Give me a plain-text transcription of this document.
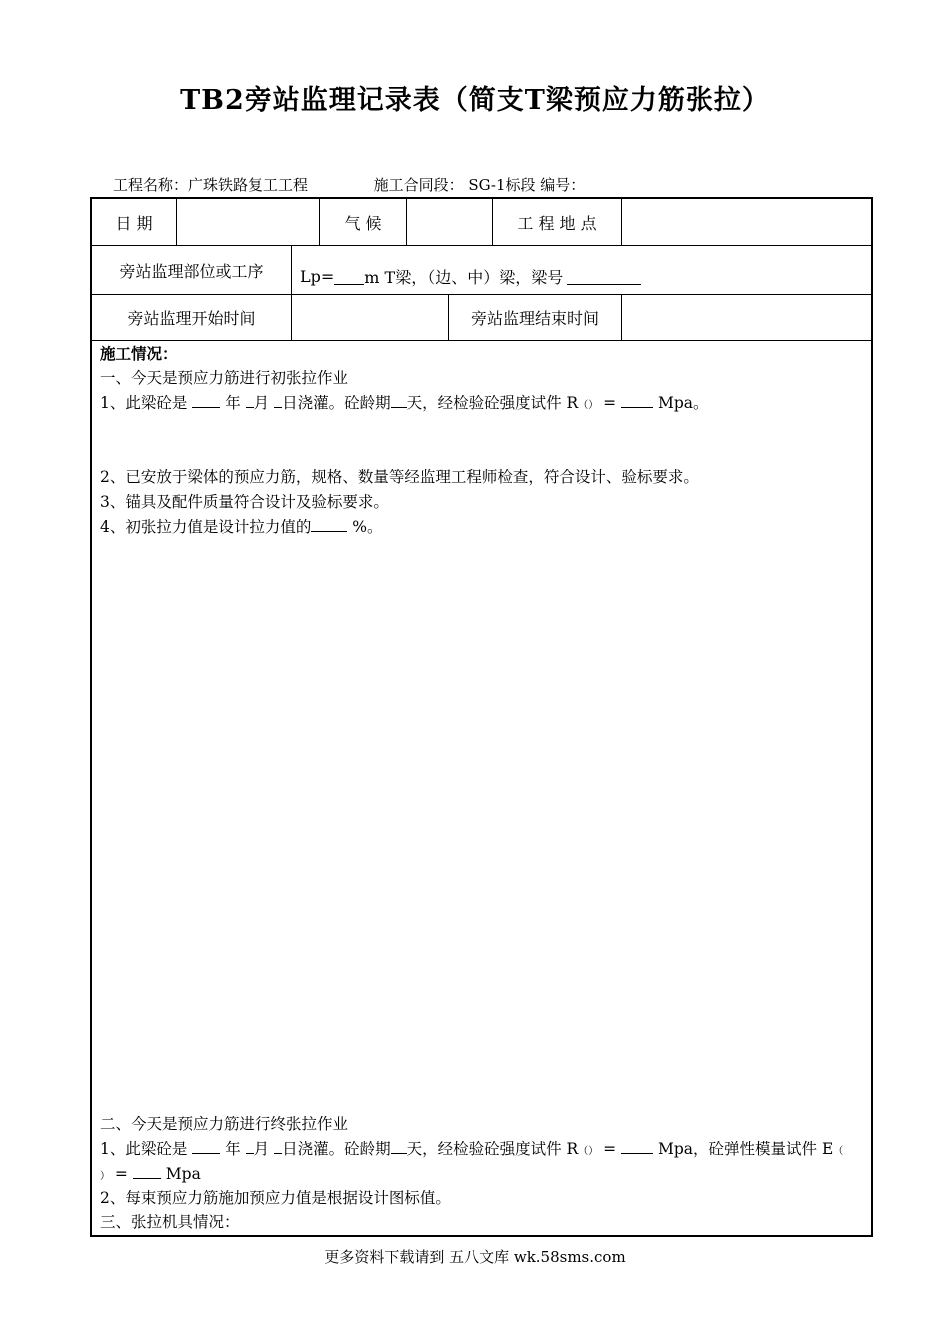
TB2旁站监理记录表（简支T梁预应力筋张拉）
工程名称：广珠铁路复工工程	施工合同段： SG-1标段 编号：
日 期	气 候	工 程 地 点
旁站监理部位或工序	Lp= m T梁，（边、中）梁，梁号
旁站监理开始时间	旁站监理结束时间
施工情况：
一、今天是预应力筋进行初张拉作业
1、此梁砼是  年 月 日浇灌。砼龄期 天，经检验砼强度试件 R（） =  Mpa。
2、已安放于梁体的预应力筋，规格、数量等经监理工程师检查，符合设计、验标要求。
3、锚具及配件质量符合设计及验标要求。
4、初张拉力值是设计拉力值的 %。
二、今天是预应力筋进行终张拉作业
1、此梁砼是  年 月 日浇灌。砼龄期 天，经检验砼强度试件 R（） =  Mpa，砼弹性模量试件 E（
） =  Mpa
2、每束预应力筋施加预应力值是根据设计图标值。
三、张拉机具情况：
更多资料下载请到 五八文库 wk.58sms.com
